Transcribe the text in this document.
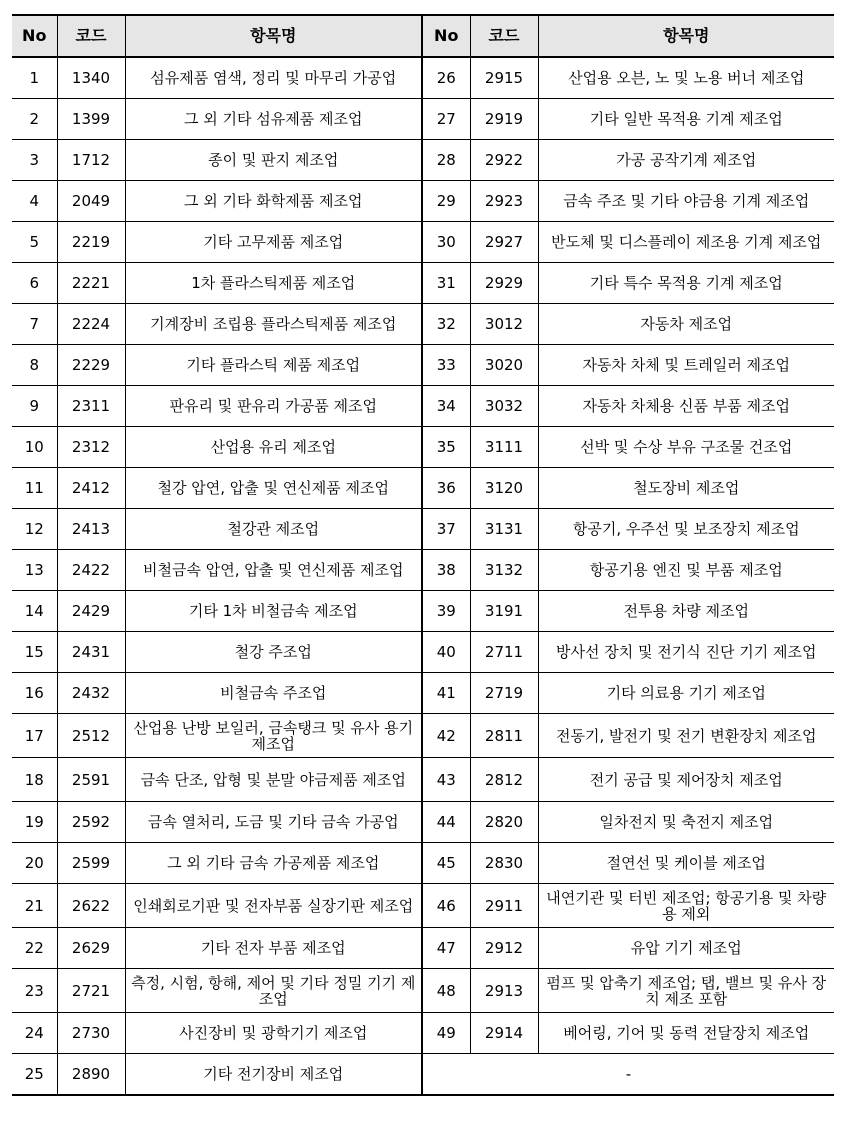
No	코드	항목명	No	코드	항목명
1	1340	섬유제품 염색, 정리 및 마무리 가공업	26	2915	산업용 오븐, 노 및 노용 버너 제조업
2	1399	그 외 기타 섬유제품 제조업	27	2919	기타 일반 목적용 기계 제조업
3	1712	종이 및 판지 제조업	28	2922	가공 공작기계 제조업
4	2049	그 외 기타 화학제품 제조업	29	2923	금속 주조 및 기타 야금용 기계 제조업
5	2219	기타 고무제품 제조업	30	2927	반도체 및 디스플레이 제조용 기계 제조업
6	2221	1차 플라스틱제품 제조업	31	2929	기타 특수 목적용 기계 제조업
7	2224	기계장비 조립용 플라스틱제품 제조업	32	3012	자동차 제조업
8	2229	기타 플라스틱 제품 제조업	33	3020	자동차 차체 및 트레일러 제조업
9	2311	판유리 및 판유리 가공품 제조업	34	3032	자동차 차체용 신품 부품 제조업
10	2312	산업용 유리 제조업	35	3111	선박 및 수상 부유 구조물 건조업
11	2412	철강 압연, 압출 및 연신제품 제조업	36	3120	철도장비 제조업
12	2413	철강관 제조업	37	3131	항공기, 우주선 및 보조장치 제조업
13	2422	비철금속 압연, 압출 및 연신제품 제조업	38	3132	항공기용 엔진 및 부품 제조업
14	2429	기타 1차 비철금속 제조업	39	3191	전투용 차량 제조업
15	2431	철강 주조업	40	2711	방사선 장치 및 전기식 진단 기기 제조업
16	2432	비철금속 주조업	41	2719	기타 의료용 기기 제조업
17	2512	산업용 난방 보일러, 금속탱크 및 유사 용기 제조업	42	2811	전동기, 발전기 및 전기 변환장치 제조업
18	2591	금속 단조, 압형 및 분말 야금제품 제조업	43	2812	전기 공급 및 제어장치 제조업
19	2592	금속 열처리, 도금 및 기타 금속 가공업	44	2820	일차전지 및 축전지 제조업
20	2599	그 외 기타 금속 가공제품 제조업	45	2830	절연선 및 케이블 제조업
21	2622	인쇄회로기판 및 전자부품 실장기판 제조업	46	2911	내연기관 및 터빈 제조업; 항공기용 및 차량용 제외
22	2629	기타 전자 부품 제조업	47	2912	유압 기기 제조업
23	2721	측정, 시험, 항해, 제어 및 기타 정밀 기기 제조업	48	2913	펌프 및 압축기 제조업; 탭, 밸브 및 유사 장치 제조 포함
24	2730	사진장비 및 광학기기 제조업	49	2914	베어링, 기어 및 동력 전달장치 제조업
25	2890	기타 전기장비 제조업	-		
